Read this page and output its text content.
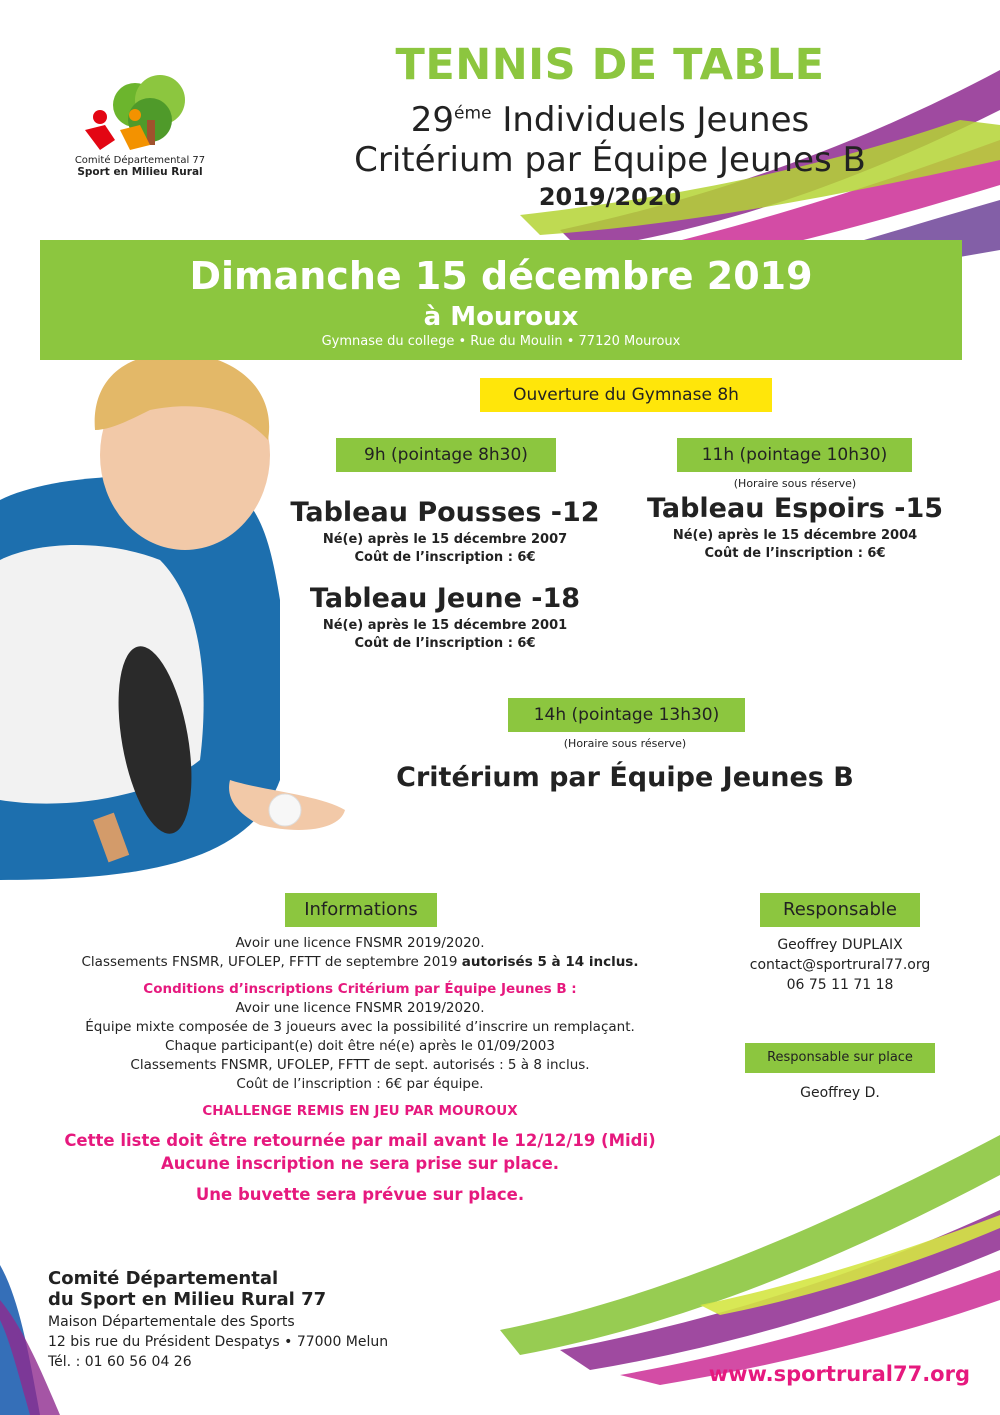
Comité Départemental 77
Sport en Milieu Rural
TENNIS DE TABLE
$29^{éme}$ Individuels Jeunes
Critérium par Équipe Jeunes B
2019/2020
Dimanche 15 décembre 2019
à Mouroux
Gymnase du college • Rue du Moulin • 77120 Mouroux
Ouverture du Gymnase 8h
9h (pointage 8h30)
Tableau Pousses -12
Né(e) après le 15 décembre 2007
Coût de l’inscription : 6€
Tableau Jeune -18
Né(e) après le 15 décembre 2001
Coût de l’inscription : 6€
11h (pointage 10h30)
(Horaire sous réserve)
Tableau Espoirs -15
Né(e) après le 15 décembre 2004
Coût de l’inscription : 6€
14h (pointage 13h30)
(Horaire sous réserve)
Critérium par Équipe Jeunes B
Informations
Avoir une licence FNSMR 2019/2020.
Classements FNSMR, UFOLEP, FFTT de septembre 2019 autorisés 5 à 14 inclus.
Conditions d’inscriptions Critérium par Équipe Jeunes B :
Avoir une licence FNSMR 2019/2020.
Équipe mixte composée de 3 joueurs avec la possibilité d’inscrire un remplaçant.
Chaque participant(e) doit être né(e) après le 01/09/2003
Classements FNSMR, UFOLEP, FFTT de sept. autorisés : 5 à 8 inclus.
Coût de l’inscription : 6€ par équipe.
CHALLENGE REMIS EN JEU PAR MOUROUX
Cette liste doit être retournée par mail avant le 12/12/19 (Midi)
Aucune inscription ne sera prise sur place.
Une buvette sera prévue sur place.
Responsable
Geoffrey DUPLAIX
contact@sportrural77.org
06 75 11 71 18
Responsable sur place
Geoffrey D.
Comité Départemental
du Sport en Milieu Rural 77
Maison Départementale des Sports
12 bis rue du Président Despatys • 77000 Melun
Tél. : 01 60 56 04 26	www.sportrural77.org
